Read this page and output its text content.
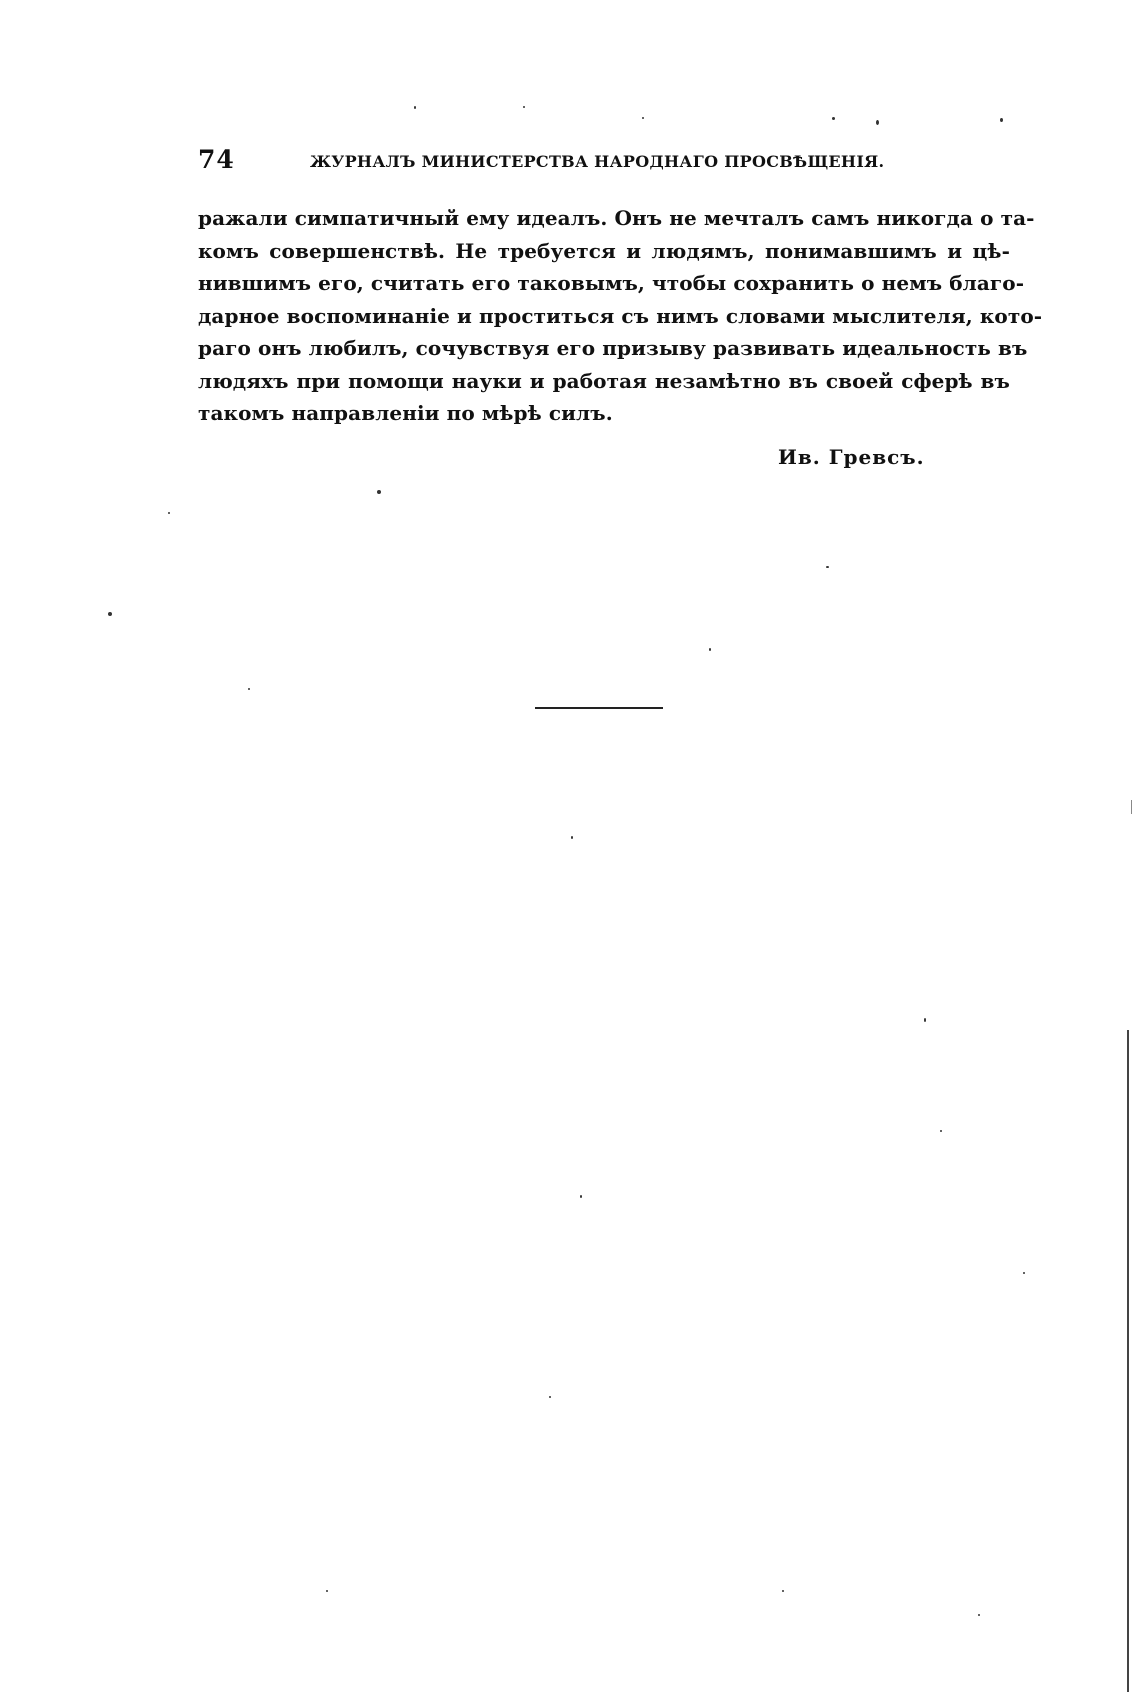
74	ЖУРНАЛЪ МИНИСТЕРСТВА НАРОДНАГО ПРОСВѢЩЕНІЯ.
ражали симпатичный ему идеалъ. Онъ не мечталъ самъ никогда о та-
комъ совершенствѣ. Не требуется и людямъ, понимавшимъ и цѣ-
нившимъ его, считать его таковымъ, чтобы сохранить о немъ благо-
дарное воспоминаніе и проститься съ нимъ словами мыслителя, кото-
раго онъ любилъ, сочувствуя его призыву развивать идеальность въ
людяхъ при помощи науки и работая незамѣтно въ своей сферѣ въ
такомъ направленіи по мѣрѣ силъ.
Ив. Гревсъ.
